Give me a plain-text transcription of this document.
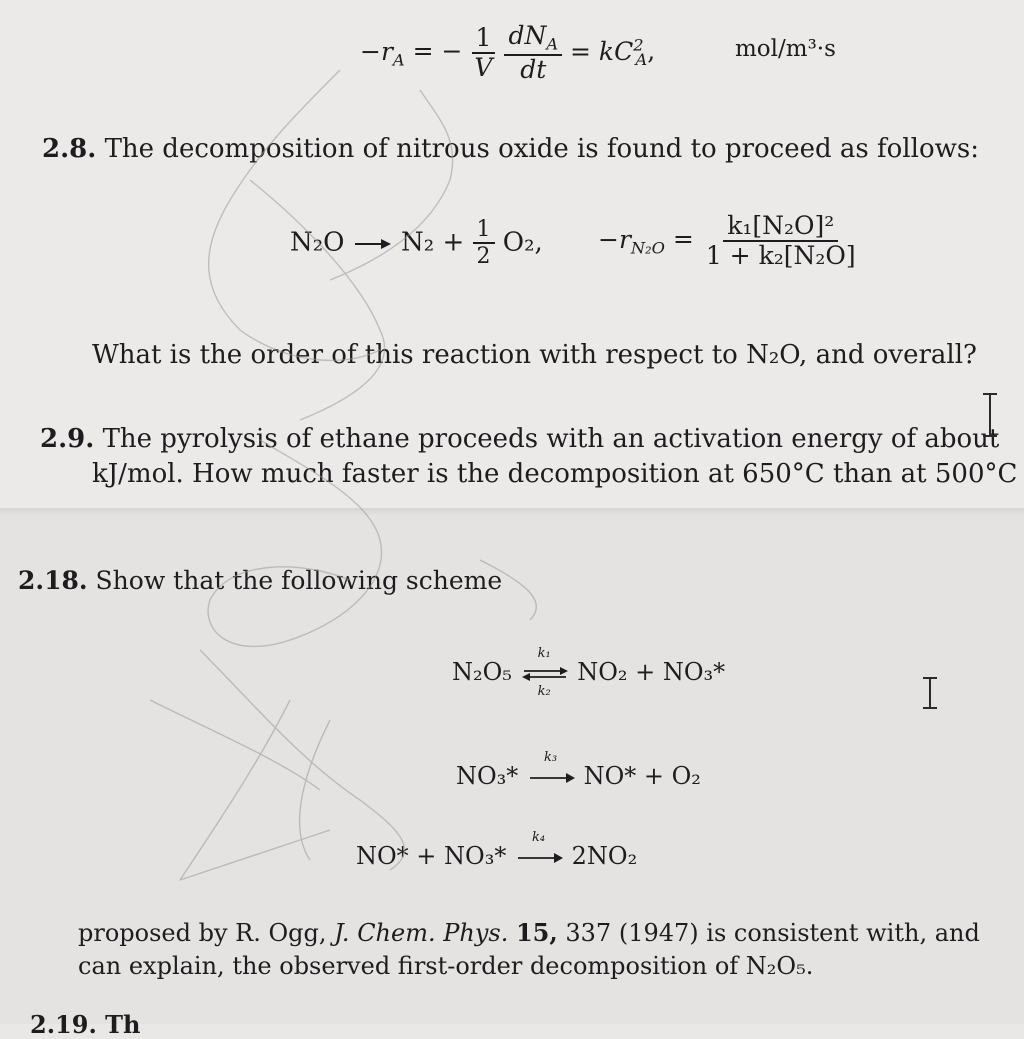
$-r_A$ = − $\frac{1}{V}$
$\frac{dN_A}{dt} = kC^2_A$,	mol/m³·s
2.8. The decomposition of nitrous oxide is found to proceed as follows:
$N_2O \to N_2 + \frac{1}{2} O_2$, $-r_{N_2O} = \frac{\text{k₁[N₂O]²}}{\text{1 + k₂[N₂O]}}$
What is the order of this reaction with respect to N₂O, and overall?
2.9. The pyrolysis of ethane proceeds with an activation energy of about
kJ/mol. How much faster is the decomposition at 650°C than at 500°C
2.18. Show that the following scheme
N₂O₅
k₁
k₂
NO₂ + NO₃*
NO₃*
k₃
NO* + O₂
NO* + NO₃*
k₄
2NO₂
proposed by R. Ogg, J. Chem. Phys. 15, 337 (1947) is consistent with, and
can explain, the observed first-order decomposition of N₂O₅.
2.19. Th
